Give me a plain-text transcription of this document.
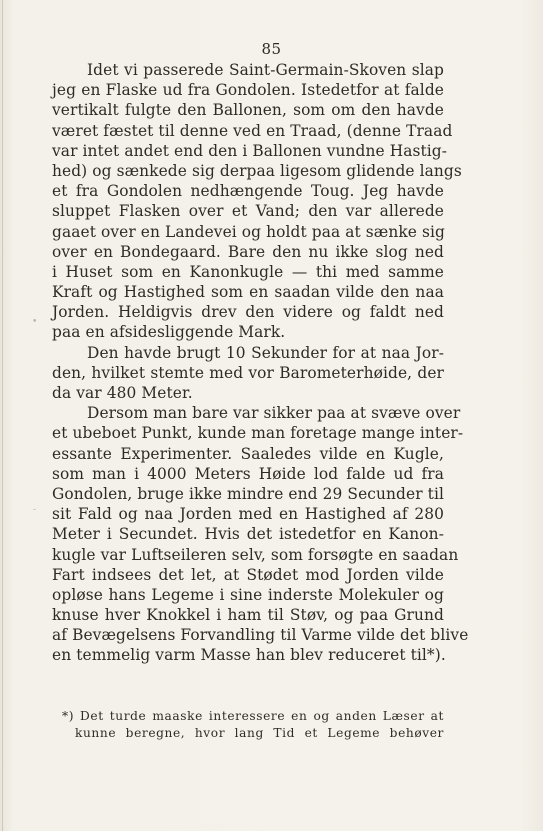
•
-
85
Idet vi passerede Saint-Germain-Skoven slap
jeg en Flaske ud fra Gondolen. Istedetfor at falde
vertikalt fulgte den Ballonen, som om den havde
været fæstet til denne ved en Traad, (denne Traad
var intet andet end den i Ballonen vundne Hastig-
hed) og sænkede sig derpaa ligesom glidende langs
et fra Gondolen nedhængende Toug. Jeg havde
sluppet Flasken over et Vand; den var allerede
gaaet over en Landevei og holdt paa at sænke sig
over en Bondegaard. Bare den nu ikke slog ned
i Huset som en Kanonkugle — thi med samme
Kraft og Hastighed som en saadan vilde den naa
Jorden. Heldigvis drev den videre og faldt ned
paa en afsidesliggende Mark.
Den havde brugt 10 Sekunder for at naa Jor-
den, hvilket stemte med vor Barometerhøide, der
da var 480 Meter.
Dersom man bare var sikker paa at svæve over
et ubeboet Punkt, kunde man foretage mange inter-
essante Experimenter. Saaledes vilde en Kugle,
som man i 4000 Meters Høide lod falde ud fra
Gondolen, bruge ikke mindre end 29 Secunder til
sit Fald og naa Jorden med en Hastighed af 280
Meter i Secundet. Hvis det istedetfor en Kanon-
kugle var Luftseileren selv, som forsøgte en saadan
Fart indsees det let, at Stødet mod Jorden vilde
opløse hans Legeme i sine inderste Molekuler og
knuse hver Knokkel i ham til Støv, og paa Grund
af Bevægelsens Forvandling til Varme vilde det blive
en temmelig varm Masse han blev reduceret til*).
*) Det turde maaske interessere en og anden Læser at
kunne beregne, hvor lang Tid et Legeme behøver
